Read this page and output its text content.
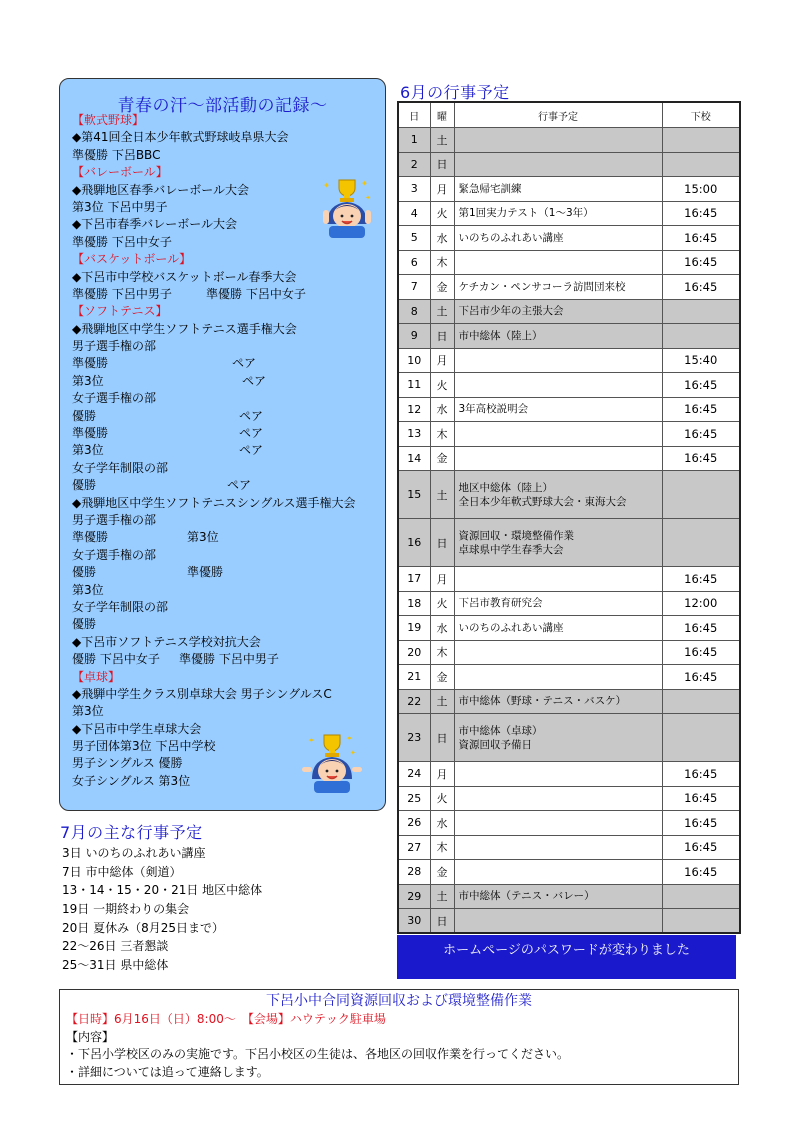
青春の汗～部活動の記録～
【軟式野球】
◆第41回全日本少年軟式野球岐阜県大会
準優勝 下呂BBC
【バレーボール】
◆飛騨地区春季バレーボール大会
第3位 下呂中男子
◆下呂市春季バレーボール大会
準優勝 下呂中女子
【バスケットボール】
◆下呂市中学校バスケットボール春季大会
準優勝 下呂中男子	準優勝 下呂中女子
【ソフトテニス】
◆飛騨地区中学生ソフトテニス選手権大会
男子選手権の部
準優勝	ペア
第3位	ペア
女子選手権の部
優勝	ペア
準優勝	ペア
第3位	ペア
女子学年制限の部
優勝	ペア
◆飛騨地区中学生ソフトテニスシングルス選手権大会
男子選手権の部
準優勝	第3位
女子選手権の部
優勝	準優勝
第3位
女子学年制限の部
優勝
◆下呂市ソフトテニス学校対抗大会
優勝 下呂中女子 準優勝 下呂中男子
【卓球】
◆飛騨中学生クラス別卓球大会 男子シングルスC
第3位
◆下呂市中学生卓球大会
男子団体第3位 下呂中学校
男子シングルス 優勝
女子シングルス 第3位
✦	✦
✦
✦	✦
✦
7月の主な行事予定
3日 いのちのふれあい講座
7日 市中総体（剣道）
13・14・15・20・21日 地区中総体
19日 一期終わりの集会
20日 夏休み（8月25日まで）
22～26日 三者懇談
25～31日 県中総体
6月の行事予定
日	曜	行事予定	下校
1	土	

2	日	

3	月	緊急帰宅訓練	15:00
4	火	第1回実力テスト（1～3年）	16:45
5	水	いのちのふれあい講座	16:45
6	木		16:45
7	金	ケチカン・ペンサコーラ訪問団来校	16:45
8	土	下呂市少年の主張大会	

9	日	市中総体（陸上）	

10	月		15:40
11	火		16:45
12	水	3年高校説明会	16:45
13	木		16:45
14	金		16:45
15	土	地区中総体（陸上）
全日本少年軟式野球大会・東海大会	

16	日	資源回収・環境整備作業
卓球県中学生春季大会	

17	月		16:45
18	火	下呂市教育研究会	12:00
19	水	いのちのふれあい講座	16:45
20	木		16:45
21	金		16:45
22	土	市中総体（野球・テニス・バスケ）	

23	日	市中総体（卓球）
資源回収予備日	

24	月		16:45
25	火		16:45
26	水		16:45
27	木		16:45
28	金		16:45
29	土	市中総体（テニス・バレー）	

30	日	

ホームページのパスワードが変わりました
下呂小中合同資源回収および環境整備作業
【日時】6月16日（日）8:00～　【会場】ハウテック駐車場
【内容】
・下呂小学校区のみの実施です。下呂小校区の生徒は、各地区の回収作業を行ってください。
・詳細については追って連絡します。
